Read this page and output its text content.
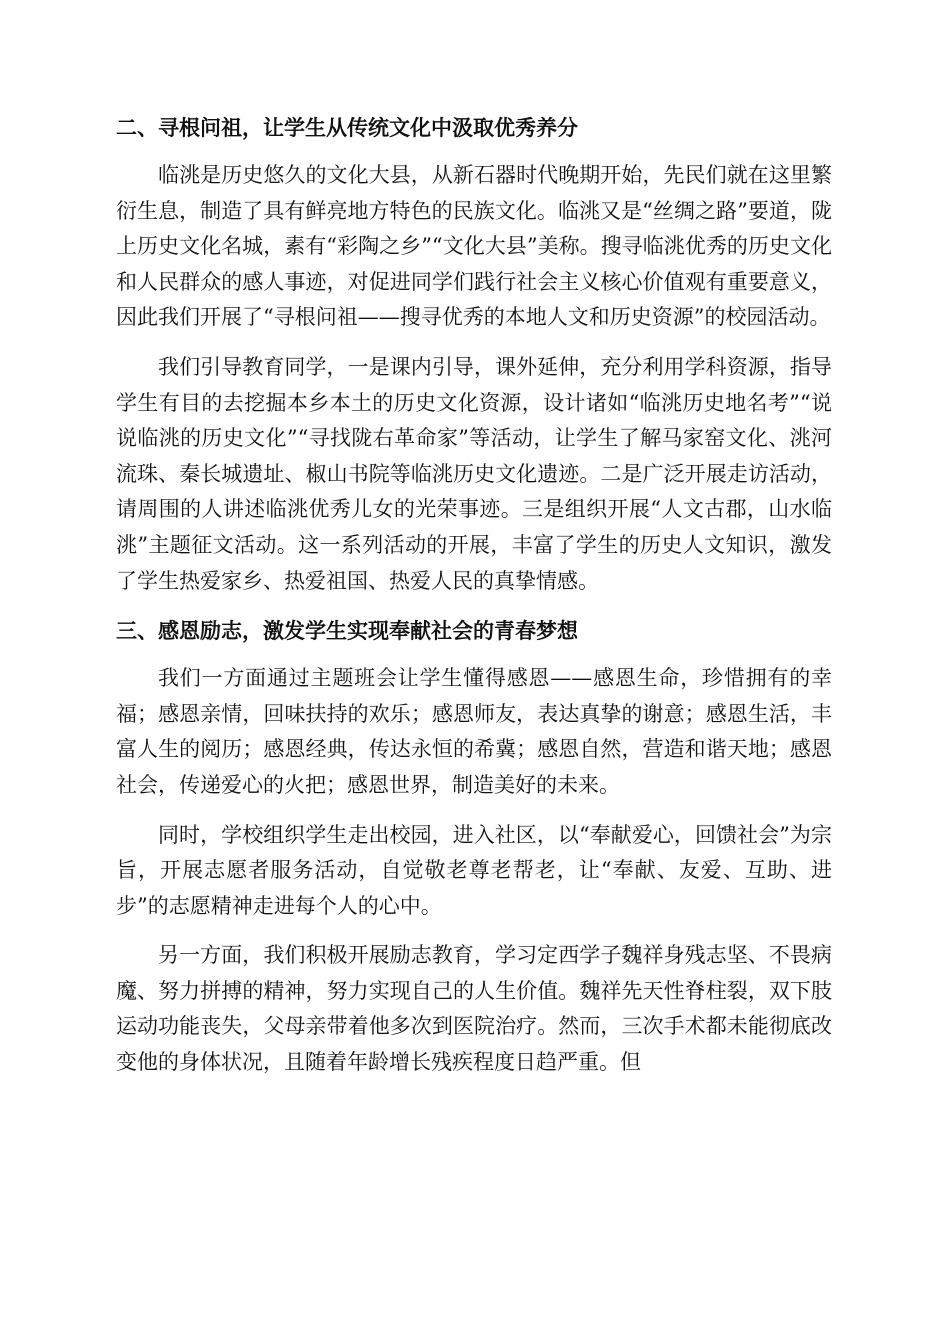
二、寻根问祖，让学生从传统文化中汲取优秀养分

临洮是历史悠久的文化大县，从新石器时代晚期开始，先民们就在这里繁衍生息，制造了具有鲜亮地方特色的民族文化。临洮又是“丝绸之路”要道，陇上历史文化名城，素有“彩陶之乡”“文化大县”美称。搜寻临洮优秀的历史文化和人民群众的感人事迹，对促进同学们践行社会主义核心价值观有重要意义，因此我们开展了“寻根问祖——搜寻优秀的本地人文和历史资源”的校园活动。

我们引导教育同学，一是课内引导，课外延伸，充分利用学科资源，指导学生有目的去挖掘本乡本土的历史文化资源，设计诸如“临洮历史地名考”“说说临洮的历史文化”“寻找陇右革命家”等活动，让学生了解马家窑文化、洮河流珠、秦长城遗址、椒山书院等临洮历史文化遗迹。二是广泛开展走访活动，请周围的人讲述临洮优秀儿女的光荣事迹。三是组织开展“人文古郡，山水临洮”主题征文活动。这一系列活动的开展，丰富了学生的历史人文知识，激发了学生热爱家乡、热爱祖国、热爱人民的真挚情感。

三、感恩励志，激发学生实现奉献社会的青春梦想

我们一方面通过主题班会让学生懂得感恩——感恩生命，珍惜拥有的幸福；感恩亲情，回味扶持的欢乐；感恩师友，表达真挚的谢意；感恩生活，丰富人生的阅历；感恩经典，传达永恒的希冀；感恩自然，营造和谐天地；感恩社会，传递爱心的火把；感恩世界，制造美好的未来。

同时，学校组织学生走出校园，进入社区，以“奉献爱心，回馈社会”为宗旨，开展志愿者服务活动，自觉敬老尊老帮老，让“奉献、友爱、互助、进步”的志愿精神走进每个人的心中。

另一方面，我们积极开展励志教育，学习定西学子魏祥身残志坚、不畏病魔、努力拼搏的精神，努力实现自己的人生价值。魏祥先天性脊柱裂，双下肢运动功能丧失，父母亲带着他多次到医院治疗。然而，三次手术都未能彻底改变他的身体状况，且随着年龄增长残疾程度日趋严重。但
